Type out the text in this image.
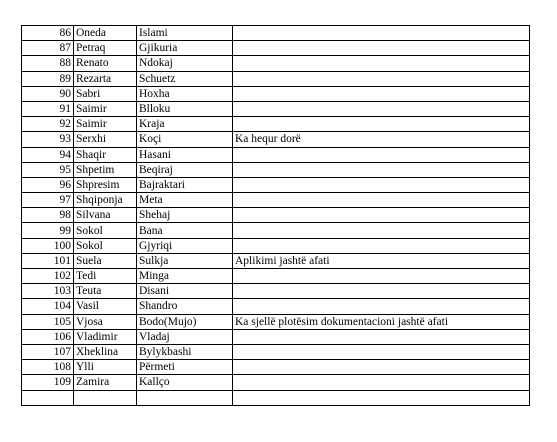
86	Oneda	Islami	
87	Petraq	Gjikuria	
88	Renato	Ndokaj	
89	Rezarta	Schuetz	
90	Sabri	Hoxha	
91	Saimir	Blloku	
92	Saimir	Kraja	
93	Serxhi	Koçi	Ka hequr dorë
94	Shaqir	Hasani	
95	Shpetim	Beqiraj	
96	Shpresim	Bajraktari	
97	Shqiponja	Meta	
98	Silvana	Shehaj	
99	Sokol	Bana	
100	Sokol	Gjyriqi	
101	Suela	Sulkja	Aplikimi jashtë afati
102	Tedi	Minga	
103	Teuta	Disani	
104	Vasil	Shandro	
105	Vjosa	Bodo(Mujo)	Ka sjellë plotësim dokumentacioni jashtë afati
106	Vladimir	Vladaj	
107	Xheklina	Bylykbashi	
108	Ylli	Përmeti	
109	Zamira	Kallço	
